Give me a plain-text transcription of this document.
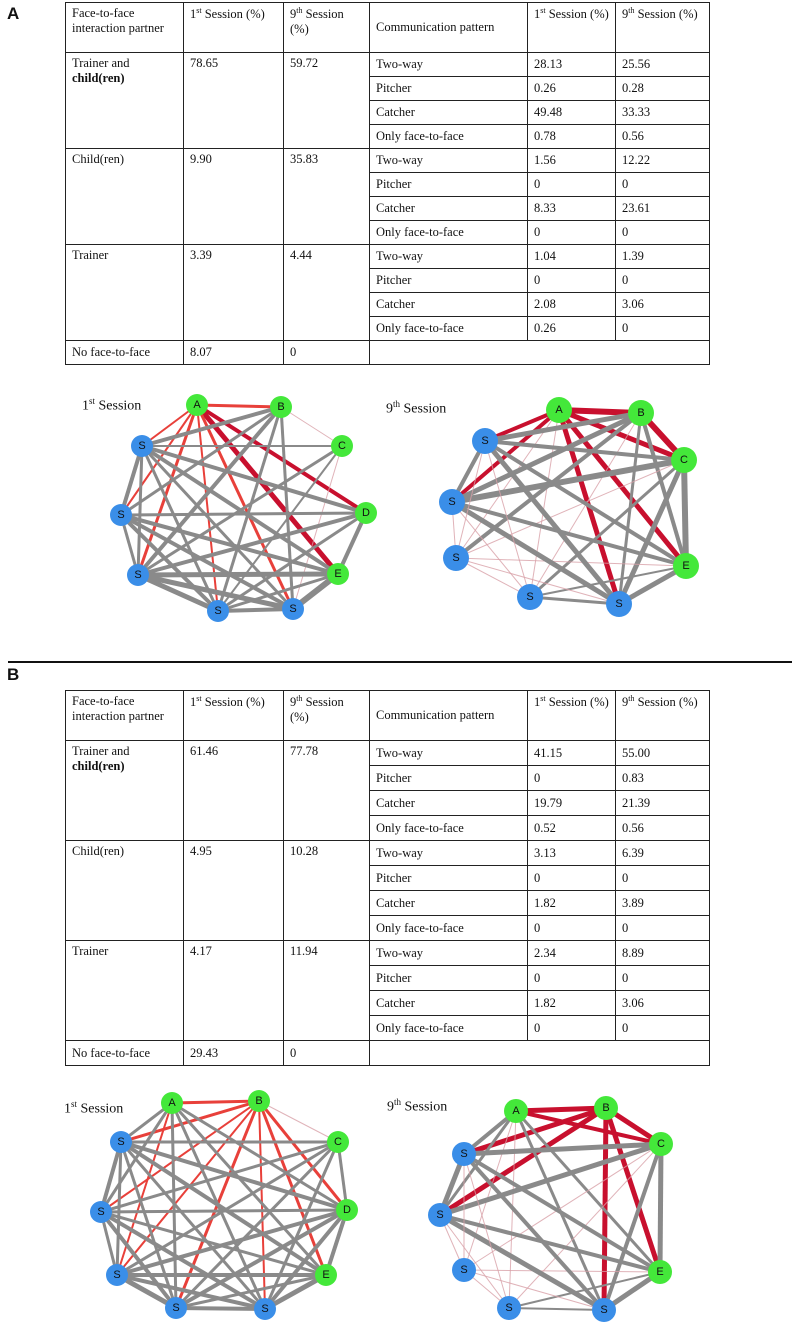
A	Face-to-face interaction partner	1st Session (%)	9th Session (%)	Communication pattern	1st Session (%)	9th Session (%)
Trainer and
child(ren)	78.65	59.72	Two-way	28.13	25.56
			Pitcher	0.26	0.28
			Catcher	49.48	33.33
			Only face-to-face	0.78	0.56
Child(ren)	9.90	35.83	Two-way	1.56	12.22
			Pitcher	0	0
			Catcher	8.33	23.61
			Only face-to-face	0	0
Trainer	3.39	4.44	Two-way	1.04	1.39
			Pitcher	0	0
			Catcher	2.08	3.06
			Only face-to-face	0.26	0
No face-to-face	8.07	0			
1st Session	A	B
C
D
E
S
S
S
S
S
9th Session	A	B
C
E
S
S
S
S
S
B
Face-to-face interaction partner	1st Session (%)	9th Session (%)	Communication pattern	1st Session (%)	9th Session (%)
Trainer and
child(ren)	61.46	77.78	Two-way	41.15	55.00
			Pitcher	0	0.83
			Catcher	19.79	21.39
			Only face-to-face	0.52	0.56
Child(ren)	4.95	10.28	Two-way	3.13	6.39
			Pitcher	0	0
			Catcher	1.82	3.89
			Only face-to-face	0	0
Trainer	4.17	11.94	Two-way	2.34	8.89
			Pitcher	0	0
			Catcher	1.82	3.06
			Only face-to-face	0	0
No face-to-face	29.43	0			
1st Session	A	B
C
D
E
S
S
S
S
S
9th Session	A	B
C
E
S
S
S
S
S
